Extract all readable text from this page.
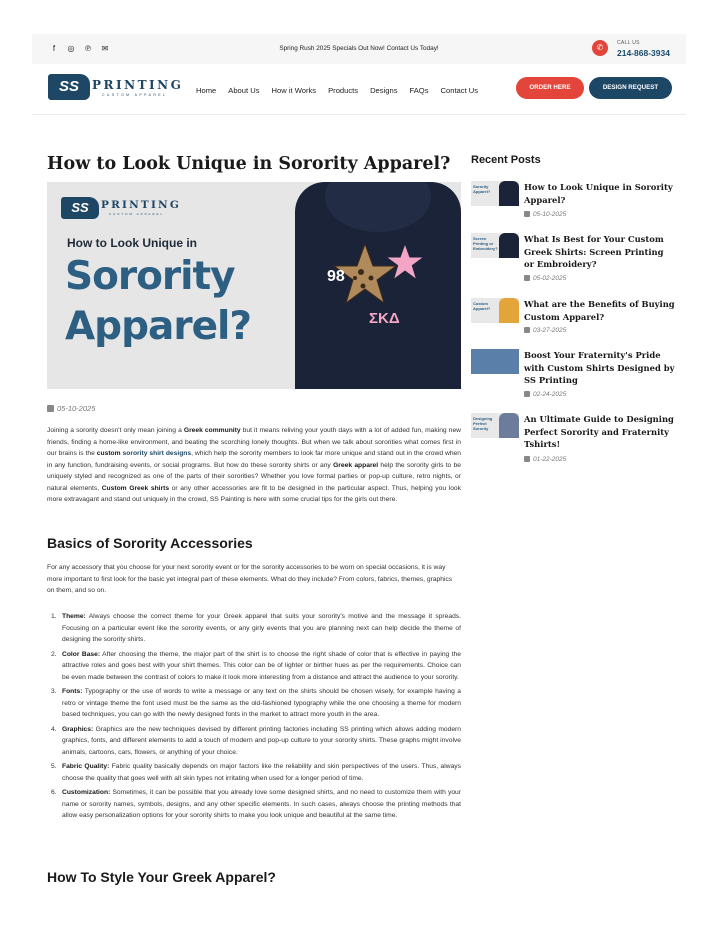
f	◎ ℗ ✉	Spring Rush 2025 Specials Out Now! Contact Us Today!	✆	CALL US
214-868-3934
SS	PRINTING
CUSTOM APPAREL	Home About Us How it Works Products Designs FAQs Contact Us	ORDER HERE	DESIGN REQUEST
How to Look Unique in Sorority Apparel?
SS	PRINTING
CUSTOM APPAREL
How to Look Unique in
Sorority
Apparel?
98
ΣΚΔ
05-10-2025

Joining a sorority doesn't only mean joining a Greek community but it means reliving your youth days with a lot of added fun, making new friends, finding a home-like environment, and beating the scorching lonely thoughts. But when we talk about sororities what comes first in our brains is the custom sorority shirt designs, which help the sorority members to look far more unique and stand out in the crowd when in any function, fundraising events, or social programs. But how do these sorority shirts or any Greek apparel help the sorority girls to be uniquely styled and recognized as one of the parts of their sororities? Whether you love formal parties or pop-up culture, retro nights, or natural elements, Custom Greek shirts or any other accessories are fit to be designed in the particular aspect. Thus, helping you look more extravagant and stand out uniquely in the crowd, SS Painting is here with some crucial tips for the girls out there.

Basics of Sorority Accessories

For any accessory that you choose for your next sorority event or for the sorority accessories to be worn on special occasions, it is way more important to first look for the basic yet integral part of these elements. What do they include? From colors, fabrics, themes, graphics on them, and so on.

1. Theme: Always choose the correct theme for your Greek apparel that suits your sorority's motive and the message it spreads. Focusing on a particular event like the sorority events, or any girly events that you are planning next can help decide the theme of designing the sorority shirts.
2. Color Base: After choosing the theme, the major part of the shirt is to choose the right shade of color that is effective in paying the attractive roles and goes best with your shirt themes. This color can be of lighter or birther hues as per the requirements. Choice can be even made between the contrast of colors to make it look more interesting from a distance and attract the audience to your sorority.
3. Fonts: Typography or the use of words to write a message or any text on the shirts should be chosen wisely, for example having a retro or vintage theme the font used must be the same as the old-fashioned typography while the one choosing a theme for modern based techniques, you can go with the newly designed fonts in the market to attract more youth in the area.
4. Graphics: Graphics are the new techniques devised by different printing factories including SS printing which allows adding modern graphics, fonts, and different elements to add a touch of modern and pop-up culture to your sorority shirts. These graphs might involve animals, cartoons, cars, flowers, or anything of your choice.
5. Fabric Quality: Fabric quality basically depends on major factors like the reliability and skin perspectives of the users. Thus, always choose the quality that goes well with all skin types not irritating when used for a longer period of time.
6. Customization: Sometimes, it can be possible that you already love some designed shirts, and no need to customize them with your name or sorority names, symbols, designs, and any other specific elements. In such cases, always choose the printing methods that allow easy personalization options for your sorority shirts to make you look unique and beautiful at the same time.
How To Style Your Greek Apparel?
Recent Posts
Sorority Apparel?	How to Look Unique in Sorority Apparel?
05-10-2025
Screen Printing or Embroidery?
What Is Best for Your Custom Greek Shirts: Screen Printing or Embroidery?
05-02-2025
Custom Apparel?	What are the Benefits of Buying Custom Apparel?
03-27-2025
Boost Your Fraternity's Pride with Custom Shirts Designed by SS Printing
02-24-2025
Designing Perfect Sorority
An Ultimate Guide to Designing Perfect Sorority and Fraternity Tshirts!
01-22-2025
